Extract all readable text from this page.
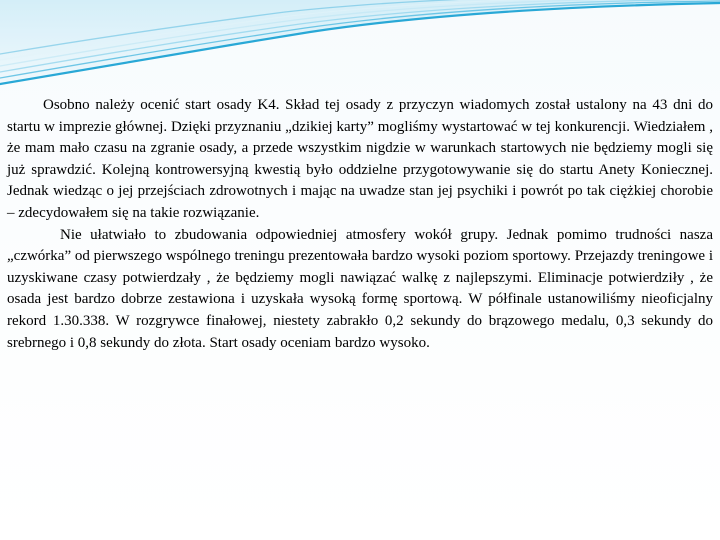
Osobno należy ocenić start osady K4. Skład tej osady z przyczyn wiadomych został ustalony na 43 dni do startu w imprezie głównej. Dzięki przyznaniu „dzikiej karty” mogliśmy wystartować w tej konkurencji. Wiedziałem , że mam mało czasu na zgranie osady, a przede wszystkim nigdzie w warunkach startowych nie będziemy mogli się już sprawdzić. Kolejną kontrowersyjną kwestią było oddzielne przygotowywanie się do startu Anety Koniecznej. Jednak wiedząc o jej przejściach zdrowotnych i mając na uwadze stan jej psychiki i powrót po tak ciężkiej chorobie – zdecydowałem się na takie rozwiązanie.

Nie ułatwiało to zbudowania odpowiedniej atmosfery wokół grupy. Jednak pomimo trudności nasza „czwórka” od pierwszego wspólnego treningu prezentowała bardzo wysoki poziom sportowy. Przejazdy treningowe i uzyskiwane czasy potwierdzały , że będziemy mogli nawiązać walkę z najlepszymi. Eliminacje potwierdziły , że osada jest bardzo dobrze zestawiona i uzyskała wysoką formę sportową. W półfinale ustanowiliśmy nieoficjalny rekord 1.30.338. W rozgrywce finałowej, niestety zabrakło 0,2 sekundy do brązowego medalu, 0,3 sekundy do srebrnego i 0,8 sekundy do złota. Start osady oceniam bardzo wysoko.
